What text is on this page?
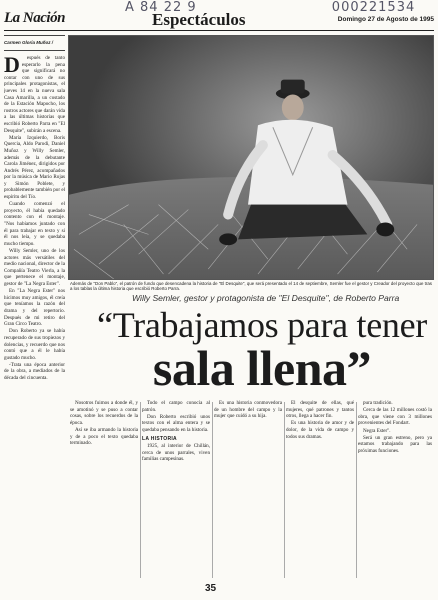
A 84 22 9	000221534
La Nación	Espectáculos	Domingo 27 de Agosto de 1995
Carmen Gloria Muñoz /

D espués de tanto esperarlo la pena que significará no contar con uno de sus principales protagonistas, el jueves 14 en la nueva sala Casa Amarilla, a un costado de la Estación Mapocho, los rostros actores que darán vida a las últimas historias que escribió Roberto Parra en "El Desquite", subirán a escena.

María Izquierdo, Boris Quercia, Aldo Parodi, Daniel Muñoz y Willy Semler, además de la debutante Carola Jiménez, dirigidos por Andrés Pérez, acompañados por la música de Mario Rojas y Simón Poblete, y probablemente también por el espíritu del Tío.

Cuando comenzó el proyecto, él había quedado contento con el montaje. "Nos habíamos juntado con él para trabajar en texto y si él nos leía, y se quedaba mucho tiempo.

Willy Semler, uno de los actores más versátiles del medio nacional, director de la Compañía Teatro Vierla, a la que pertenece el montaje, gestor de "La Negra Ester".

En "La Negra Ester" nos hicimos muy amigos, él creía que teníamos la razón del drama y del repertorio. Después de mi retiro del Gran Circo Teatro.

Don Roberto ya se había recuperado de sus tropiezos y dolencias, y recuerdo que nos contó que a él le había gustado mucho.

-Trata una época anterior de la obra, a mediados de la década del cincuenta.

Además de "Don Pablo", el patrón de fundo que desencadena la historia de "El Desquite", que será presentado el 14 de septiembre, Semler fue el gestor y Creador del proyecto que tras a los tablas la última historia que escribió Roberto Parra.
Willy Semler, gestor y protagonista de "El Desquite", de Roberto Parra
“Trabajamos para tener
sala llena”

Nosotros fuimos a donde él, y se amotinó y se puso a contar cosas, sobre los recuerdos de la época.

Así se iba armando la historia y de a poco el texto quedaba terminado.

Todo el campo conocía al patrón.

Don Roberto escribió unos textos con el alma entera y se quedaba pensando en la historia.

LA HISTORIA

1925, al interior de Chillán, cerca de unos parrales, viven familias campesinas.

Es una historia conmovedora de un hombre del campo y la mujer que cuidó a su hija.

El desquite de ellas, qué mujeres, qué patrones y tantos otros, llega a hacer fin.

Es una historia de amor y de dolor, de la vida de campo y todos sus dramas.

pura tradición.

Cerca de las 12 millones costó la obra, que viene con 3 millones provenientes del Fondart.

Negra Ester".

Será un gran estreno, pero ya estamos trabajando para las próximas funciones.

35
